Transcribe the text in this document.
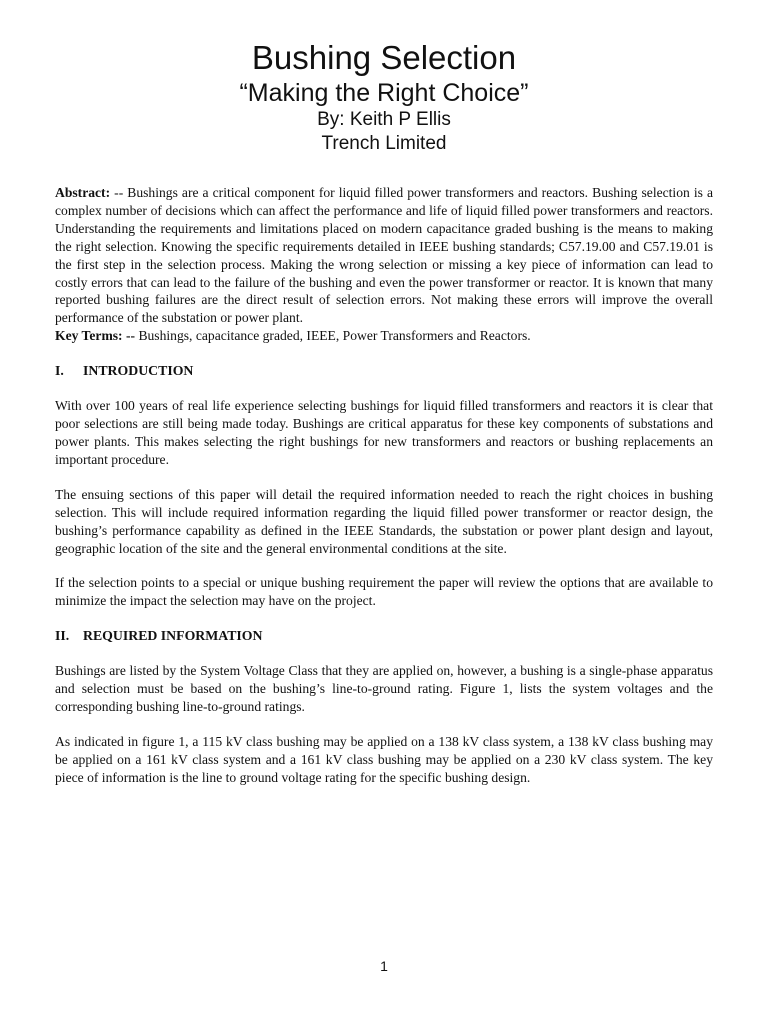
Bushing Selection
“Making the Right Choice”
By: Keith P Ellis
Trench Limited

Abstract: -- Bushings are a critical component for liquid filled power transformers and reactors. Bushing selection is a complex number of decisions which can affect the performance and life of liquid filled power transformers and reactors. Understanding the requirements and limitations placed on modern capacitance graded bushing is the means to making the right selection. Knowing the specific requirements detailed in IEEE bushing standards; C57.19.00 and C57.19.01 is the first step in the selection process. Making the wrong selection or missing a key piece of information can lead to costly errors that can lead to the failure of the bushing and even the power transformer or reactor. It is known that many reported bushing failures are the direct result of selection errors. Not making these errors will improve the overall performance of the substation or power plant.

Key Terms: -- Bushings, capacitance graded, IEEE, Power Transformers and Reactors.

I. INTRODUCTION

With over 100 years of real life experience selecting bushings for liquid filled transformers and reactors it is clear that poor selections are still being made today. Bushings are critical apparatus for these key components of substations and power plants. This makes selecting the right bushings for new transformers and reactors or bushing replacements an important procedure.

The ensuing sections of this paper will detail the required information needed to reach the right choices in bushing selection. This will include required information regarding the liquid filled power transformer or reactor design, the bushing’s performance capability as defined in the IEEE Standards, the substation or power plant design and layout, geographic location of the site and the general environmental conditions at the site.

If the selection points to a special or unique bushing requirement the paper will review the options that are available to minimize the impact the selection may have on the project.

II. REQUIRED INFORMATION

Bushings are listed by the System Voltage Class that they are applied on, however, a bushing is a single-phase apparatus and selection must be based on the bushing’s line-to-ground rating. Figure 1, lists the system voltages and the corresponding bushing line-to-ground ratings.

As indicated in figure 1, a 115 kV class bushing may be applied on a 138 kV class system, a 138 kV class bushing may be applied on a 161 kV class system and a 161 kV class bushing may be applied on a 230 kV class system. The key piece of information is the line to ground voltage rating for the specific bushing design.

1
